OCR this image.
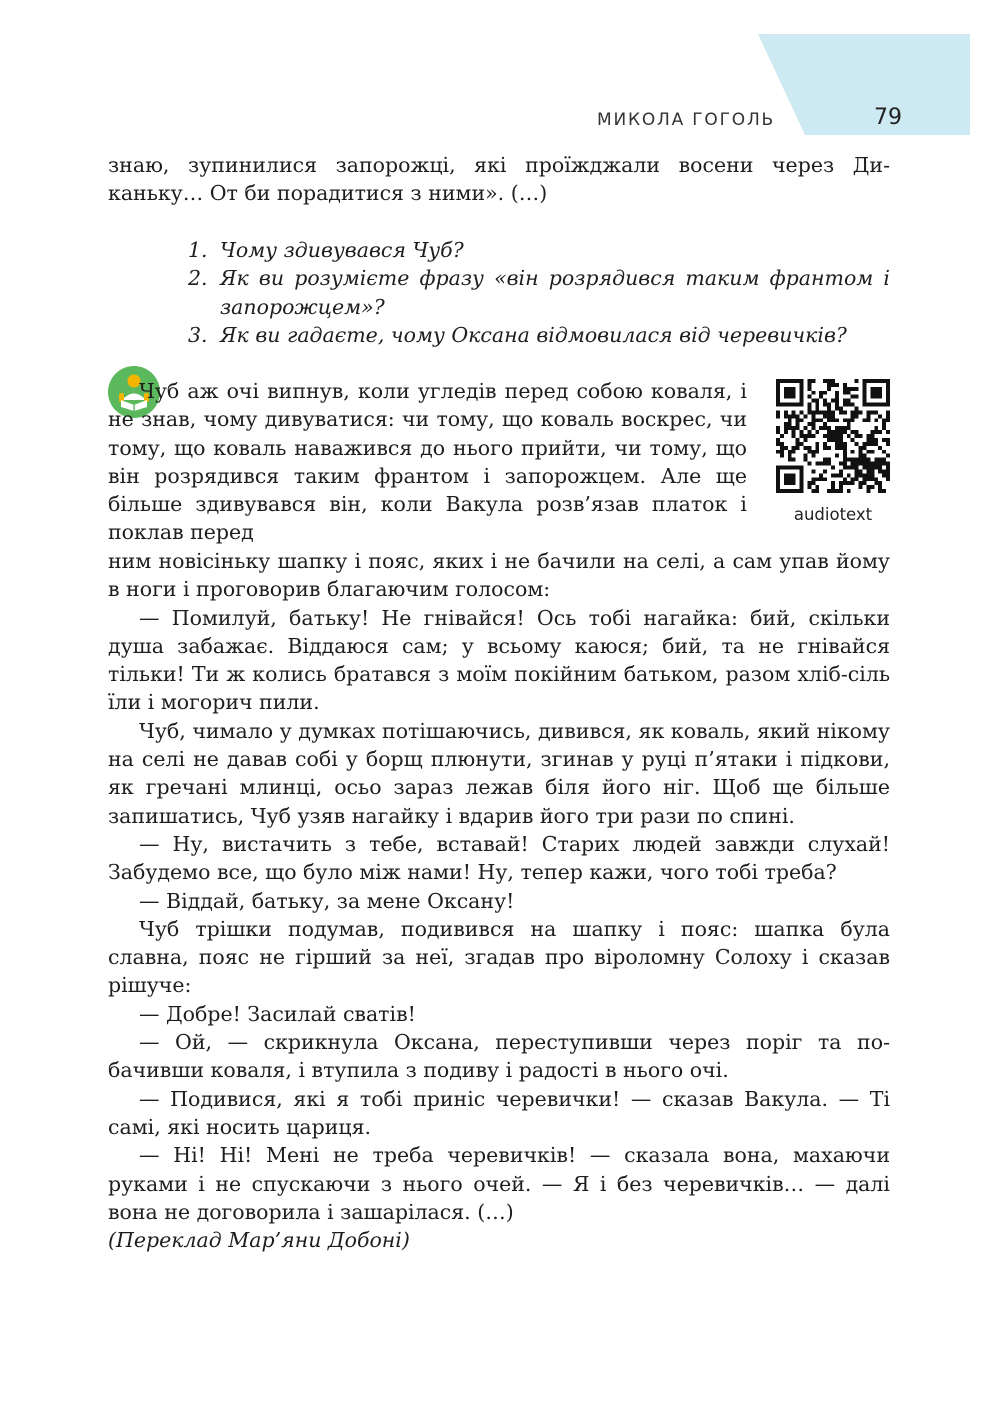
МИКОЛА ГОГОЛЬ	79

знаю, зупинилися запорожці, які проїжджали восени через Диканьку… От би порадитися з ними». (…)

1. Чому здивувався Чуб?
2. Як ви розумієте фразу «він розрядився таким франтом і запорожцем»?
3. Як ви гадаєте, чому Оксана відмовилася від черевичків?
audiotext

Чуб аж очі випнув, коли угледів перед собою коваля, і не знав, чому дивуватися: чи тому, що коваль воскрес, чи тому, що коваль наважився до нього прийти, чи тому, що він розрядився таким франтом і запорожцем. Але ще більше здивувався він, коли Вакула розв’язав платок і поклав перед

ним новісіньку шапку і пояс, яких і не бачили на селі, а сам упав йому в ноги і проговорив благаючим голосом:

— Помилуй, батьку! Не гнівайся! Ось тобі нагайка: бий, скільки душа забажає. Віддаюся сам; у всьому каюся; бий, та не гнівайся тільки! Ти ж колись братався з моїм покійним батьком, разом хліб-сіль їли і могорич пили.

Чуб, чимало у думках потішаючись, дивився, як коваль, який нікому на селі не давав собі у борщ плюнути, згинав у руці п’ятаки і підкови, як гречані млинці, осьо зараз лежав біля його ніг. Щоб ще більше запишатись, Чуб узяв нагайку і вдарив його три рази по спині.

— Ну, вистачить з тебе, вставай! Старих людей завжди слухай! Забудемо все, що було між нами! Ну, тепер кажи, чого тобі треба?

— Віддай, батьку, за мене Оксану!

Чуб трішки подумав, подивився на шапку і пояс: шапка була славна, пояс не гірший за неї, згадав про віроломну Солоху і сказав рішуче:

— Добре! Засилай сватів!

— Ой, — скрикнула Оксана, переступивши через поріг та побачивши коваля, і втупила з подиву і радості в нього очі.

— Подивися, які я тобі приніс черевички! — сказав Вакула. — Ті самі, які носить цариця.

— Ні! Ні! Мені не треба черевичків! — сказала вона, махаючи руками і не спускаючи з нього очей. — Я і без черевичків… — далі вона не договорила і зашарілася. (…)

(Переклад Мар’яни Добоні)
